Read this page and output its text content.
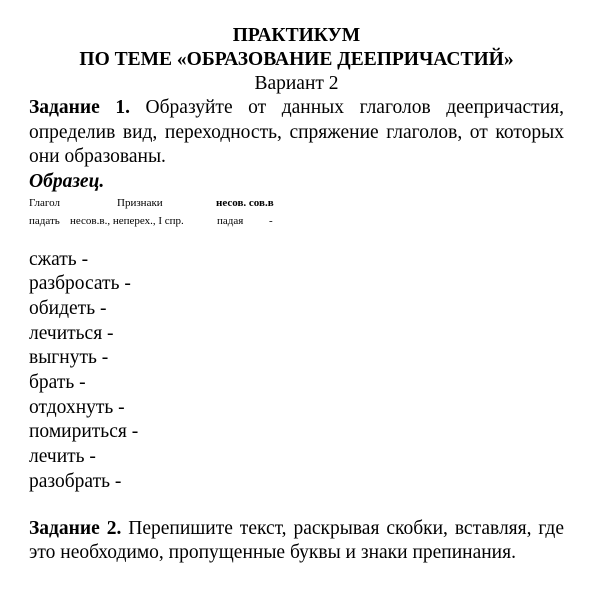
ПРАКТИКУМ

ПО ТЕМЕ «ОБРАЗОВАНИЕ ДЕЕПРИЧАСТИЙ»

Вариант 2

Задание 1. Образуйте от данных глаголов деепричастия, определив вид, переходность, спряжение глаголов, от которых они образованы.

Образец.

Глагол	Признаки	несов. сов.в
падать несов.в., неперех., I спр.	падая -
сжать -
разбросать -
обидеть -
лечиться -
выгнуть -
брать -
отдохнуть -
помириться -
лечить -
разобрать -

Задание 2. Перепишите текст, раскрывая скобки, вставляя, где это необходимо, пропущенные буквы и знаки препинания.
